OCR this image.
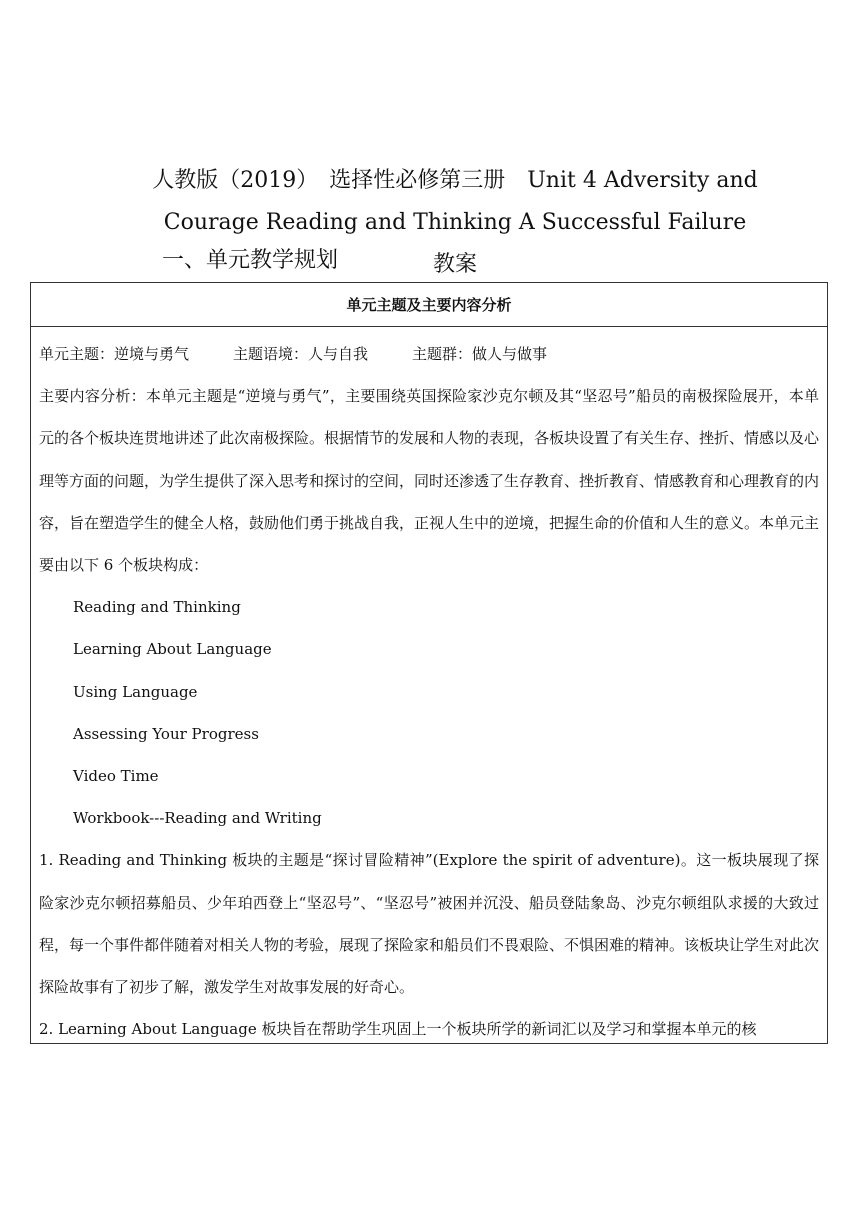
人教版（2019）　选择性必修第三册　Unit 4 Adversity and
Courage Reading and Thinking A Successful Failure 教案
一、单元教学规划
单元主题及主要内容分析
单元主题：逆境与勇气	主题语境：人与自我	主题群：做人与做事

主要内容分析：本单元主题是“逆境与勇气”，主要围绕英国探险家沙克尔顿及其“坚忍号”船员的南极探险展开，本单元的各个板块连贯地讲述了此次南极探险。根据情节的发展和人物的表现，各板块设置了有关生存、挫折、情感以及心理等方面的问题，为学生提供了深入思考和探讨的空间，同时还渗透了生存教育、挫折教育、情感教育和心理教育的内容，旨在塑造学生的健全人格，鼓励他们勇于挑战自我，正视人生中的逆境，把握生命的价值和人生的意义。本单元主要由以下 6 个板块构成：

Reading and Thinking
Learning About Language
Using Language
Assessing Your Progress
Video Time
Workbook---Reading and Writing

1. Reading and Thinking 板块的主题是“探讨冒险精神”(Explore the spirit of adventure)。这一板块展现了探险家沙克尔顿招募船员、少年珀西登上“坚忍号”、“坚忍号”被困并沉没、船员登陆象岛、沙克尔顿组队求援的大致过程，每一个事件都伴随着对相关人物的考验，展现了探险家和船员们不畏艰险、不惧困难的精神。该板块让学生对此次探险故事有了初步了解，激发学生对故事发展的好奇心。

2. Learning About Language 板块旨在帮助学生巩固上一个板块所学的新词汇以及学习和掌握本单元的核
